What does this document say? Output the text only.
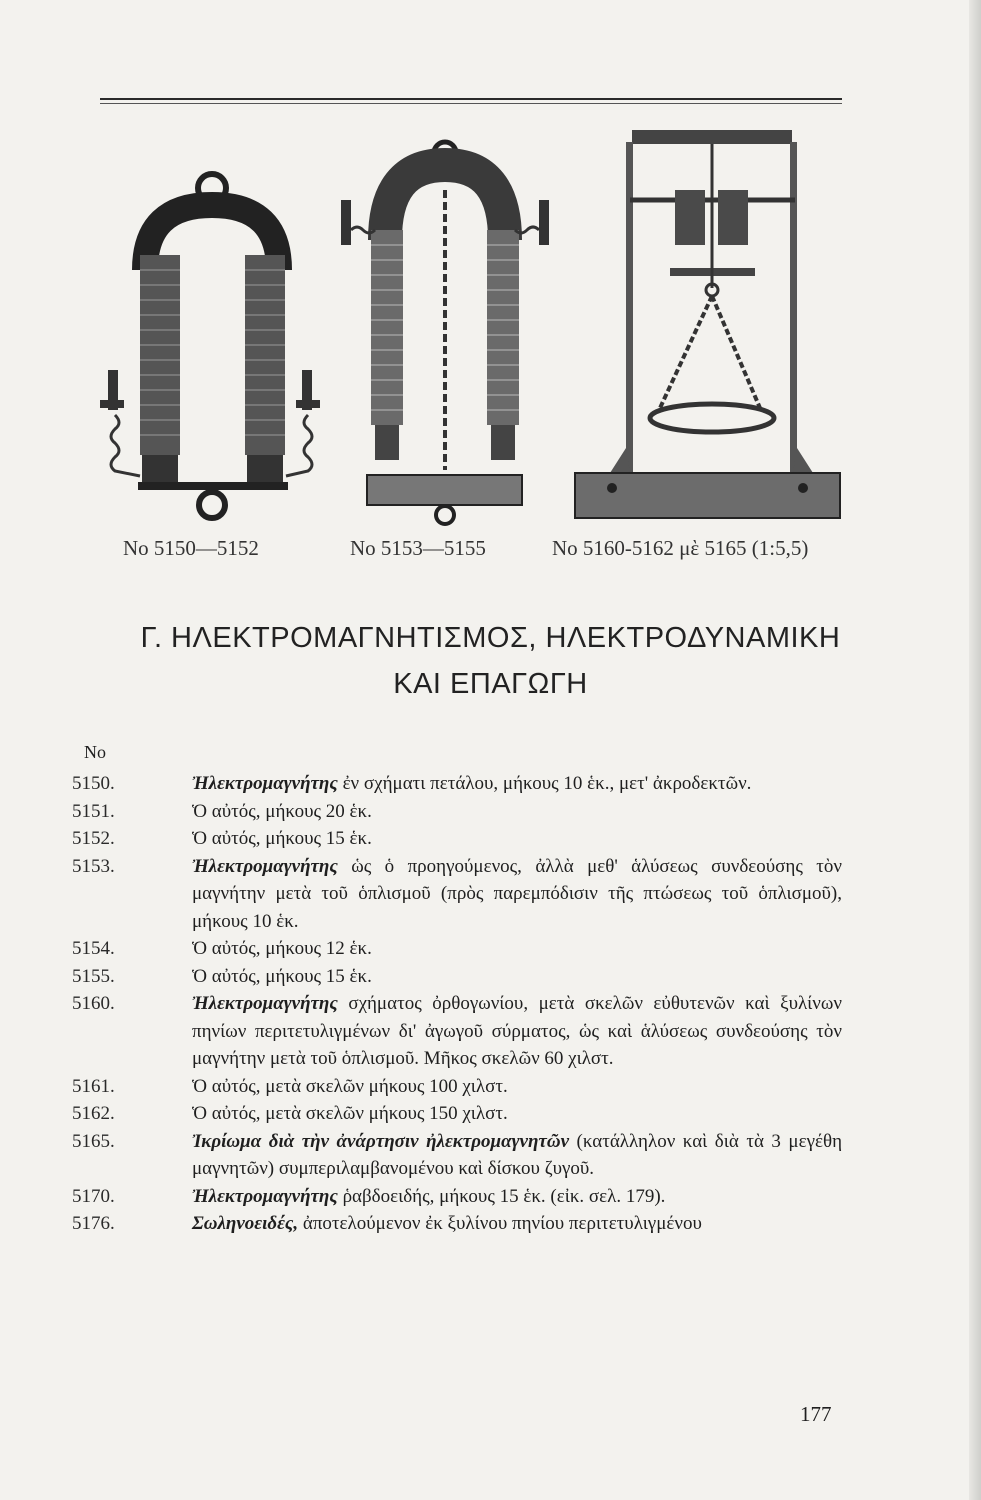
No 5150—5152	No 5153—5155	No 5160-5162 μὲ 5165 (1:5,5)
Γ. ΗΛΕΚΤΡΟΜΑΓΝΗΤΙΣΜΟΣ, ΗΛΕΚΤΡΟΔΥΝΑΜΙΚΗ
ΚΑΙ ΕΠΑΓΩΓΗ
No
5150.	Ἠλεκτρομαγνήτης ἐν σχήματι πετάλου, μήκους 10 ἑκ., μετ' ἀκροδεκτῶν.
5151.	Ὁ αὐτός, μήκους 20 ἑκ.
5152.	Ὁ αὐτός, μήκους 15 ἑκ.
5153.	Ἠλεκτρομαγνήτης ὡς ὁ προηγούμενος, ἀλλὰ μεθ' ἁλύσεως συνδεούσης τὸν μαγνήτην μετὰ τοῦ ὁπλισμοῦ (πρὸς παρεμπόδισιν τῆς πτώσεως τοῦ ὁπλισμοῦ), μήκους 10 ἑκ.
5154.	Ὁ αὐτός, μήκους 12 ἑκ.
5155.	Ὁ αὐτός, μήκους 15 ἑκ.
5160.	Ἠλεκτρομαγνήτης σχήματος ὀρθογωνίου, μετὰ σκελῶν εὐθυτενῶν καὶ ξυλίνων πηνίων περιτετυλιγμένων δι' ἀγωγοῦ σύρματος, ὡς καὶ ἁλύσεως συνδεούσης τὸν μαγνήτην μετὰ τοῦ ὁπλισμοῦ. Μῆκος σκελῶν 60 χιλστ.
5161.	Ὁ αὐτός, μετὰ σκελῶν μήκους 100 χιλστ.
5162.	Ὁ αὐτός, μετὰ σκελῶν μήκους 150 χιλστ.
5165.	Ἰκρίωμα διὰ τὴν ἀνάρτησιν ἠλεκτρομαγνητῶν (κατάλληλον καὶ διὰ τὰ 3 μεγέθη μαγνητῶν) συμπεριλαμβανομένου καὶ δίσκου ζυγοῦ.
5170.	Ἠλεκτρομαγνήτης ῥαβδοειδής, μήκους 15 ἑκ. (εἰκ. σελ. 179).
5176.	Σωληνοειδές, ἀποτελούμενον ἐκ ξυλίνου πηνίου περιτετυλιγμένου
177
